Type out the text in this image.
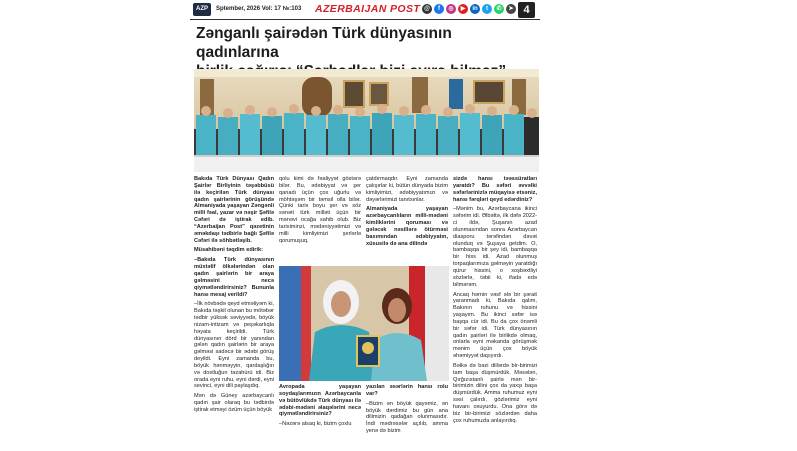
AZP	Sptember, 2026 Vol: 17 №:103 AZERBAIJAN POST @	f	◎	▶	in	t	✆	➤ 4
Zənganlı şairədən Türk dünyasının qadınlarına

Bakıda Türk Dünyası Qadın Şairlər Birliyinin təşəbbüsü ilə keçirilən Türk dünyası qadın şairlərinin görüşündə Almaniyada yaşayan Zəngənli milli fəal, yazar və nəşir Şəfilə Cəfəri də iştirak edib. “Azerbaijan Post” qəzetinin əməkdaşı tədbirlə bağlı Şəfilə Cəfəri ilə söhbətləşib.

Müsahibəni təqdim edirik:

–Bakıda Türk dünyasının müxtəlif ölkələrindən olan qadın şairlərin bir araya gəlməsini necə qiymətləndirirsiniz? Bununla hansı mesaj verildi?

–İlk növbədə qeyd etməliyəm ki, Bakıda təşkil olunan bu mötəbər tədbir yüksək səviyyədə, böyük nizam-intizam və peşəkarlıqla həyata keçirildi. Türk dünyasının dörd bir yanından gələn qadın şairlərin bir araya gəlməsi sadəcə bir ədəbi görüş deyildi. Eyni zamanda bu, böyük hənməyyin, qardaşlığın və dostluğun təzahürü idi. Biz orada eyni ruhu, eyni dərdi, eyni sevinci, eyni dili paylaşdıq.

Mən də Güney azərbaycanlı qadın şair olaraq bu tədbirdə iştirak etməyi özüm üçün böyük

qolu kimi də fəaliyyət göstərə bilər. Bu, ədəbiyyat və şer qanadı üçün çox uğurlu və möhtəşəm bir təmsil olla bilər. Çünki tarix boyu şer və söz sənəti türk milləti üçün bir mənəvi ocağa sahib olub. Biz tariximinzi, mədəniyyətimizi və milli kimliyimizi şerlərlə qorumuşuq.

çatdırmaqdır. Eyni zamanda çalışırlar ki, bütün dünyada bizim kimliyimizi, ədəbiyyatımızı və dəyərlərimizi tanıtsınlar.

Almaniyada yaşayan azərbaycanlıların milli-mədəni kimliklərini qoruması və gələcək nəsillərə ötürməsi baxımından ədəbiyyatın, xüsusilə də ana dilində

Avropada yaşayan soydaşlarımızın Azərbaycanla və bütövlükdə Türk dünyası ilə ədəbi-mədəni əlaqələrini necə qiymətləndirirsiniz?

–Nəzərə alsaq ki, bizim çoxlu

yazılan əsərlərin hansı rolu var?

–Bizim ən böyük qayəmiz, ən böyük dərdimiz bu gün ana dilimizin qadağan olunmasıdır. İndi mədrəsələr açılıb, amma yenə də bizim

sizdə hansı təəssüratları yaratdı? Bu səfəri əvvəlki səfərlərinizlə müqayisə etsəniz, hansı fərqləri qeyd edərdiniz?

–Mənim bu, Azərbaycana ikinci səfərim idi. Əlbəttə, ilk dəfə 2022-ci ildə, Şuşanın azad olunmasından sonra Azərbaycan diasporu tərəfindən dəvət olunduq və Şuşaya getdim. O, bambaşqa bir şey idi, bambaşqa bir hiss idi. Azad olunmuş torpaqlarımıza gəlməyin yaratdığı qürur hissini, o xoşbəxtliyi sözlərlə, təbii ki, ifadə edə bilmərəm.

Ancaq hərnin vəsf ələ bir şərait yaranmadı ki, Bakıda qalım, Bakının ruhunu və hissini yaşayım. Bu ikinci səfər isə başqa cür idi. Bu da çox önəmli bir səfər idi. Türk dünyasının qadın şairləri ilə birlikdə olmaq, onlarla eyni məkanda görüşmək mənim üçün çox böyük əhəmiyyət daşıyırdı.

Bəlkə də bəzi dillərdə bir-birimizi tam başa düşmürdük. Məsələn, Qırğızıstanlı şairlə mən bir-birimizin dilini çox da yaxşı başa düşmürdük. Amma ruhumuz eyni səsi çalırdı, gözlərimiz eyni havanı oxuyurdu. Ona görə də biz bir-birimizi sözlərdən daha çox ruhumuzla anlayırdıq.
